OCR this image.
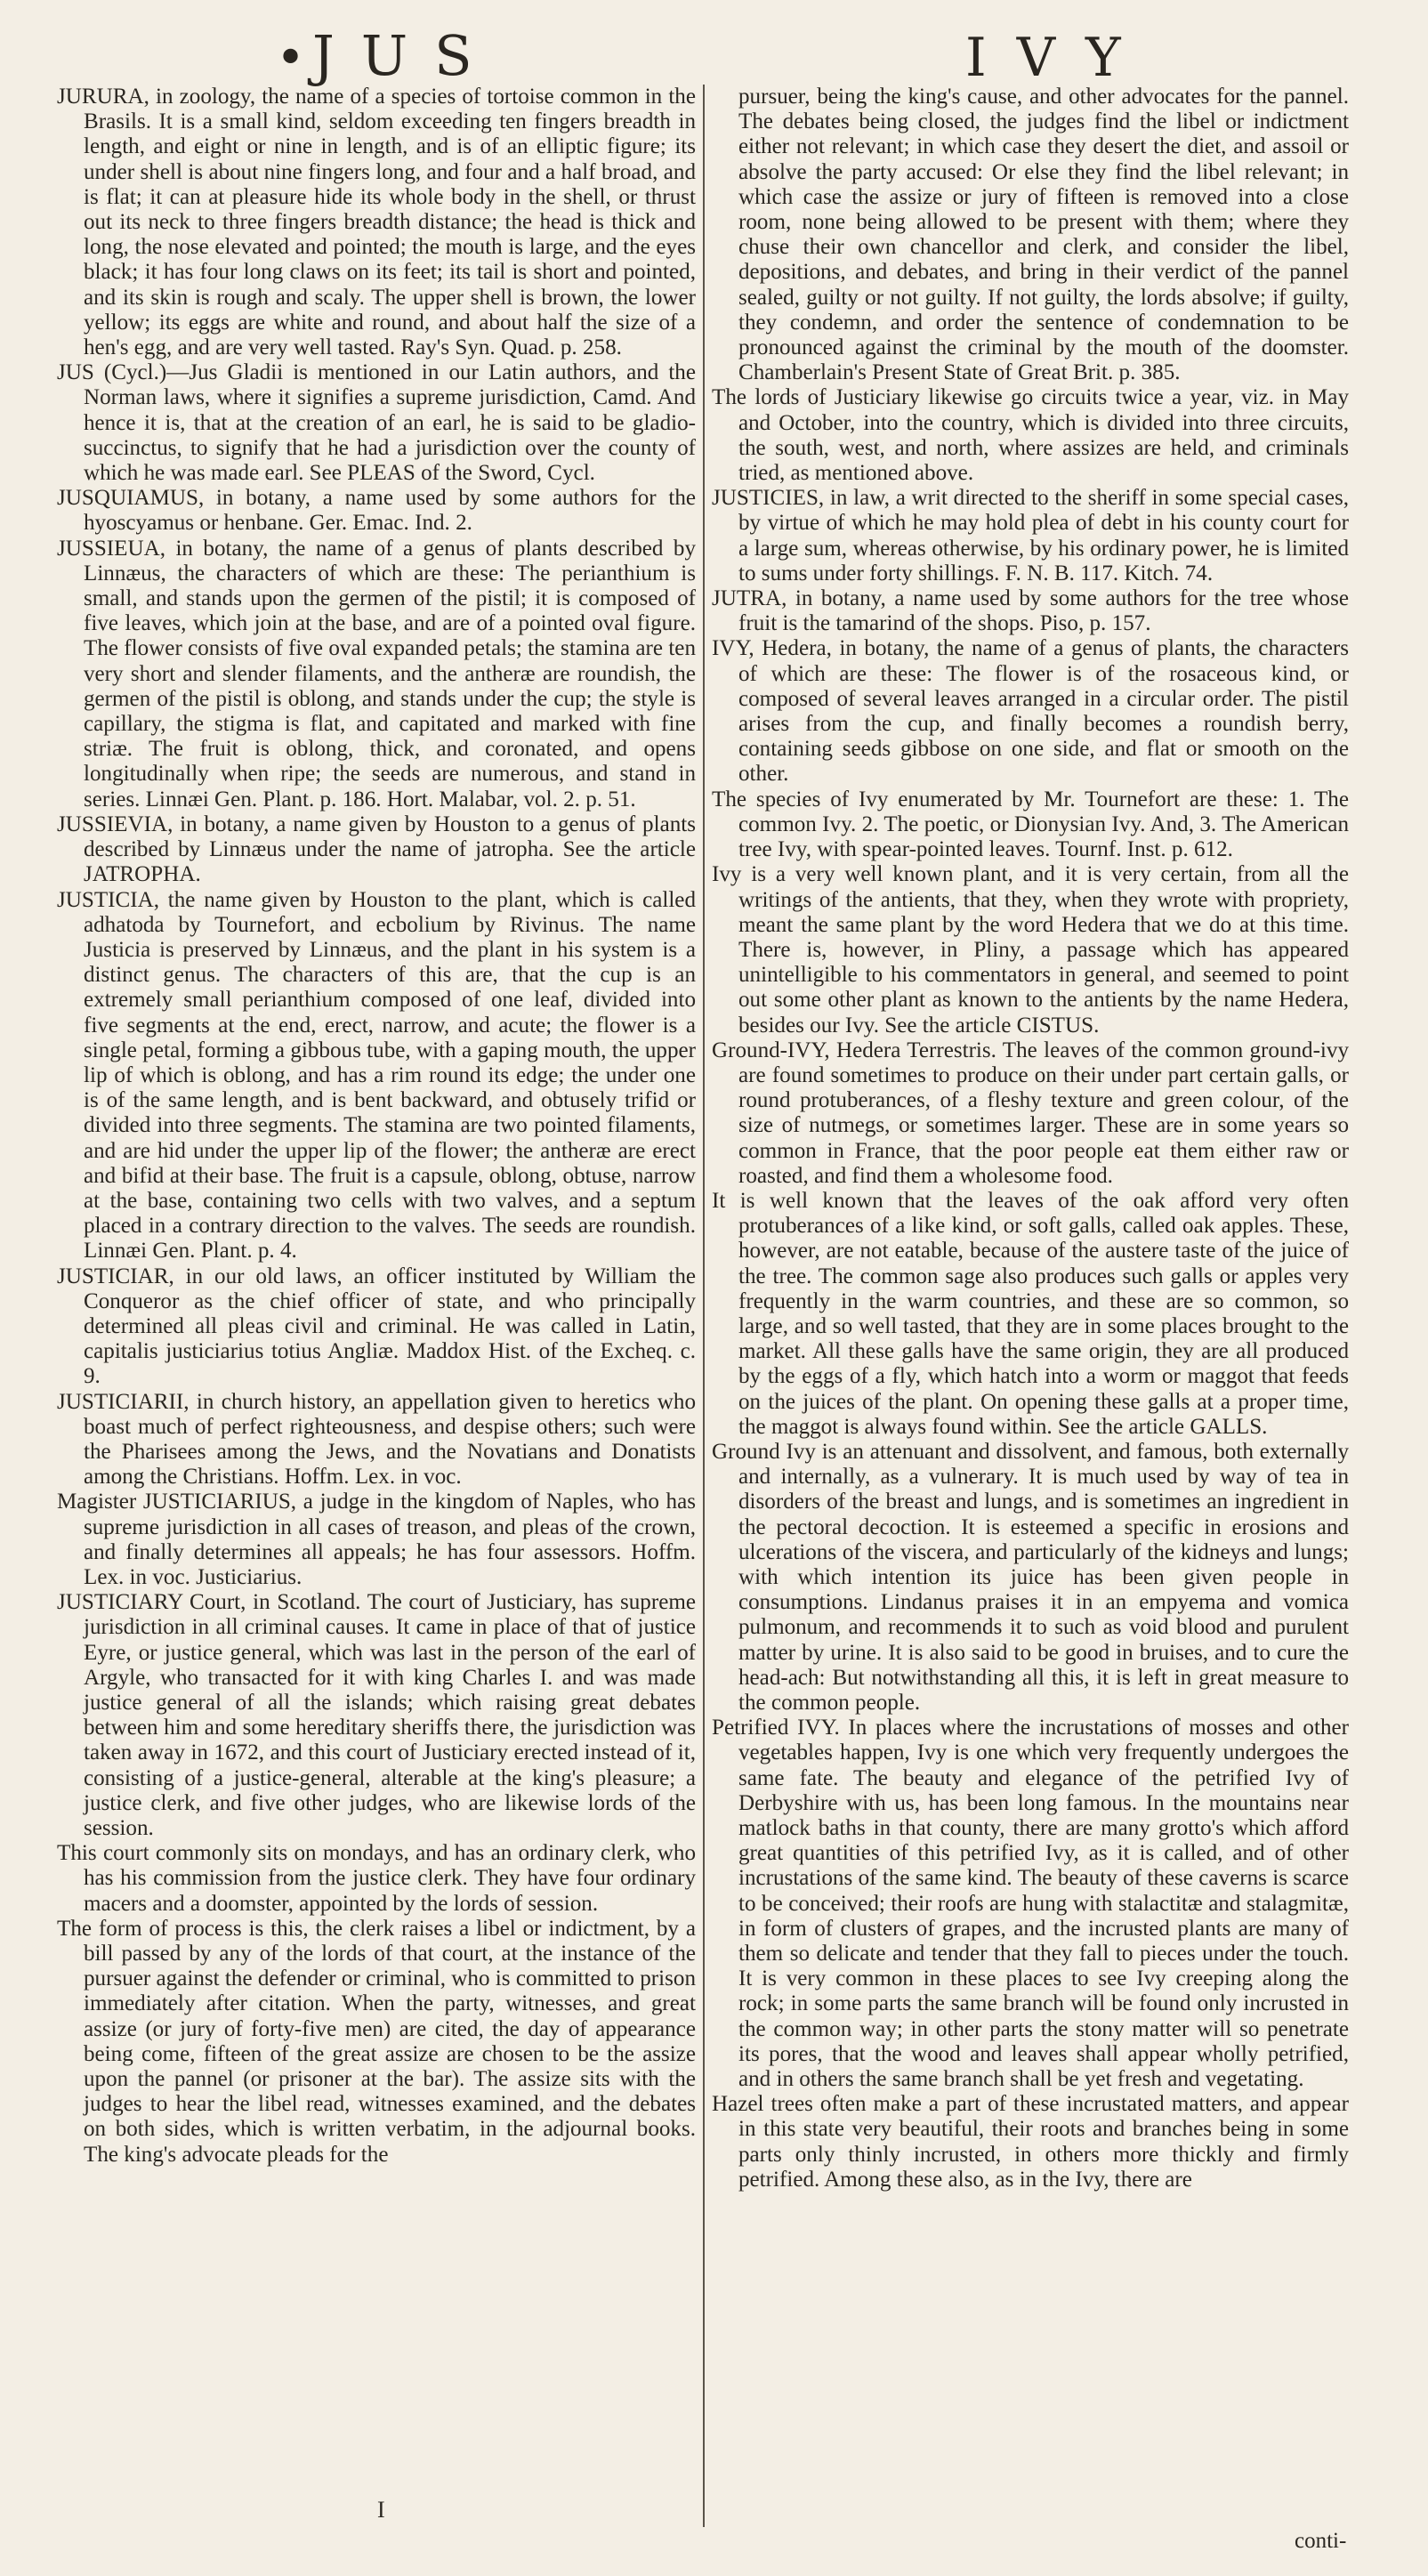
• JUS	IVY

JURURA, in zoology, the name of a species of tortoise common in the Brasils. It is a small kind, seldom exceeding ten fingers breadth in length, and eight or nine in length, and is of an elliptic figure; its under shell is about nine fingers long, and four and a half broad, and is flat; it can at pleasure hide its whole body in the shell, or thrust out its neck to three fingers breadth distance; the head is thick and long, the nose elevated and pointed; the mouth is large, and the eyes black; it has four long claws on its feet; its tail is short and pointed, and its skin is rough and scaly. The upper shell is brown, the lower yellow; its eggs are white and round, and about half the size of a hen's egg, and are very well tasted. Ray's Syn. Quad. p. 258.

JUS (Cycl.)—Jus Gladii is mentioned in our Latin authors, and the Norman laws, where it signifies a supreme jurisdiction, Camd. And hence it is, that at the creation of an earl, he is said to be gladio-succinctus, to signify that he had a jurisdiction over the county of which he was made earl. See PLEAS of the Sword, Cycl.

JUSQUIAMUS, in botany, a name used by some authors for the hyoscyamus or henbane. Ger. Emac. Ind. 2.

JUSSIEUA, in botany, the name of a genus of plants described by Linnæus, the characters of which are these: The perianthium is small, and stands upon the germen of the pistil; it is composed of five leaves, which join at the base, and are of a pointed oval figure. The flower consists of five oval expanded petals; the stamina are ten very short and slender filaments, and the antheræ are roundish, the germen of the pistil is oblong, and stands under the cup; the style is capillary, the stigma is flat, and capitated and marked with fine striæ. The fruit is oblong, thick, and coronated, and opens longitudinally when ripe; the seeds are numerous, and stand in series. Linnæi Gen. Plant. p. 186. Hort. Malabar, vol. 2. p. 51.

JUSSIEVIA, in botany, a name given by Houston to a genus of plants described by Linnæus under the name of jatropha. See the article JATROPHA.

JUSTICIA, the name given by Houston to the plant, which is called adhatoda by Tournefort, and ecbolium by Rivinus. The name Justicia is preserved by Linnæus, and the plant in his system is a distinct genus. The characters of this are, that the cup is an extremely small perianthium composed of one leaf, divided into five segments at the end, erect, narrow, and acute; the flower is a single petal, forming a gibbous tube, with a gaping mouth, the upper lip of which is oblong, and has a rim round its edge; the under one is of the same length, and is bent backward, and obtusely trifid or divided into three segments. The stamina are two pointed filaments, and are hid under the upper lip of the flower; the antheræ are erect and bifid at their base. The fruit is a capsule, oblong, obtuse, narrow at the base, containing two cells with two valves, and a septum placed in a contrary direction to the valves. The seeds are roundish. Linnæi Gen. Plant. p. 4.

JUSTICIAR, in our old laws, an officer instituted by William the Conqueror as the chief officer of state, and who principally determined all pleas civil and criminal. He was called in Latin, capitalis justiciarius totius Angliæ. Maddox Hist. of the Excheq. c. 9.

JUSTICIARII, in church history, an appellation given to heretics who boast much of perfect righteousness, and despise others; such were the Pharisees among the Jews, and the Novatians and Donatists among the Christians. Hoffm. Lex. in voc.

Magister JUSTICIARIUS, a judge in the kingdom of Naples, who has supreme jurisdiction in all cases of treason, and pleas of the crown, and finally determines all appeals; he has four assessors. Hoffm. Lex. in voc. Justiciarius.

JUSTICIARY Court, in Scotland. The court of Justiciary, has supreme jurisdiction in all criminal causes. It came in place of that of justice Eyre, or justice general, which was last in the person of the earl of Argyle, who transacted for it with king Charles I. and was made justice general of all the islands; which raising great debates between him and some hereditary sheriffs there, the jurisdiction was taken away in 1672, and this court of Justiciary erected instead of it, consisting of a justice-general, alterable at the king's pleasure; a justice clerk, and five other judges, who are likewise lords of the session.

This court commonly sits on mondays, and has an ordinary clerk, who has his commission from the justice clerk. They have four ordinary macers and a doomster, appointed by the lords of session.

The form of process is this, the clerk raises a libel or indictment, by a bill passed by any of the lords of that court, at the instance of the pursuer against the defender or criminal, who is committed to prison immediately after citation. When the party, witnesses, and great assize (or jury of forty-five men) are cited, the day of appearance being come, fifteen of the great assize are chosen to be the assize upon the pannel (or prisoner at the bar). The assize sits with the judges to hear the libel read, witnesses examined, and the debates on both sides, which is written verbatim, in the adjournal books. The king's advocate pleads for the

pursuer, being the king's cause, and other advocates for the pannel. The debates being closed, the judges find the libel or indictment either not relevant; in which case they desert the diet, and assoil or absolve the party accused: Or else they find the libel relevant; in which case the assize or jury of fifteen is removed into a close room, none being allowed to be present with them; where they chuse their own chancellor and clerk, and consider the libel, depositions, and debates, and bring in their verdict of the pannel sealed, guilty or not guilty. If not guilty, the lords absolve; if guilty, they condemn, and order the sentence of condemnation to be pronounced against the criminal by the mouth of the doomster. Chamberlain's Present State of Great Brit. p. 385.

The lords of Justiciary likewise go circuits twice a year, viz. in May and October, into the country, which is divided into three circuits, the south, west, and north, where assizes are held, and criminals tried, as mentioned above.

JUSTICIES, in law, a writ directed to the sheriff in some special cases, by virtue of which he may hold plea of debt in his county court for a large sum, whereas otherwise, by his ordinary power, he is limited to sums under forty shillings. F. N. B. 117. Kitch. 74.

JUTRA, in botany, a name used by some authors for the tree whose fruit is the tamarind of the shops. Piso, p. 157.

IVY, Hedera, in botany, the name of a genus of plants, the characters of which are these: The flower is of the rosaceous kind, or composed of several leaves arranged in a circular order. The pistil arises from the cup, and finally becomes a roundish berry, containing seeds gibbose on one side, and flat or smooth on the other.

The species of Ivy enumerated by Mr. Tournefort are these: 1. The common Ivy. 2. The poetic, or Dionysian Ivy. And, 3. The American tree Ivy, with spear-pointed leaves. Tournf. Inst. p. 612.

Ivy is a very well known plant, and it is very certain, from all the writings of the antients, that they, when they wrote with propriety, meant the same plant by the word Hedera that we do at this time. There is, however, in Pliny, a passage which has appeared unintelligible to his commentators in general, and seemed to point out some other plant as known to the antients by the name Hedera, besides our Ivy. See the article CISTUS.

Ground-IVY, Hedera Terrestris. The leaves of the common ground-ivy are found sometimes to produce on their under part certain galls, or round protuberances, of a fleshy texture and green colour, of the size of nutmegs, or sometimes larger. These are in some years so common in France, that the poor people eat them either raw or roasted, and find them a wholesome food.

It is well known that the leaves of the oak afford very often protuberances of a like kind, or soft galls, called oak apples. These, however, are not eatable, because of the austere taste of the juice of the tree. The common sage also produces such galls or apples very frequently in the warm countries, and these are so common, so large, and so well tasted, that they are in some places brought to the market. All these galls have the same origin, they are all produced by the eggs of a fly, which hatch into a worm or maggot that feeds on the juices of the plant. On opening these galls at a proper time, the maggot is always found within. See the article GALLS.

Ground Ivy is an attenuant and dissolvent, and famous, both externally and internally, as a vulnerary. It is much used by way of tea in disorders of the breast and lungs, and is sometimes an ingredient in the pectoral decoction. It is esteemed a specific in erosions and ulcerations of the viscera, and particularly of the kidneys and lungs; with which intention its juice has been given people in consumptions. Lindanus praises it in an empyema and vomica pulmonum, and recommends it to such as void blood and purulent matter by urine. It is also said to be good in bruises, and to cure the head-ach: But notwithstanding all this, it is left in great measure to the common people.

Petrified IVY. In places where the incrustations of mosses and other vegetables happen, Ivy is one which very frequently undergoes the same fate. The beauty and elegance of the petrified Ivy of Derbyshire with us, has been long famous. In the mountains near matlock baths in that county, there are many grotto's which afford great quantities of this petrified Ivy, as it is called, and of other incrustations of the same kind. The beauty of these caverns is scarce to be conceived; their roofs are hung with stalactitæ and stalagmitæ, in form of clusters of grapes, and the incrusted plants are many of them so delicate and tender that they fall to pieces under the touch. It is very common in these places to see Ivy creeping along the rock; in some parts the same branch will be found only incrusted in the common way; in other parts the stony matter will so penetrate its pores, that the wood and leaves shall appear wholly petrified, and in others the same branch shall be yet fresh and vegetating.

Hazel trees often make a part of these incrustated matters, and appear in this state very beautiful, their roots and branches being in some parts only thinly incrusted, in others more thickly and firmly petrified. Among these also, as in the Ivy, there are

I
conti-
